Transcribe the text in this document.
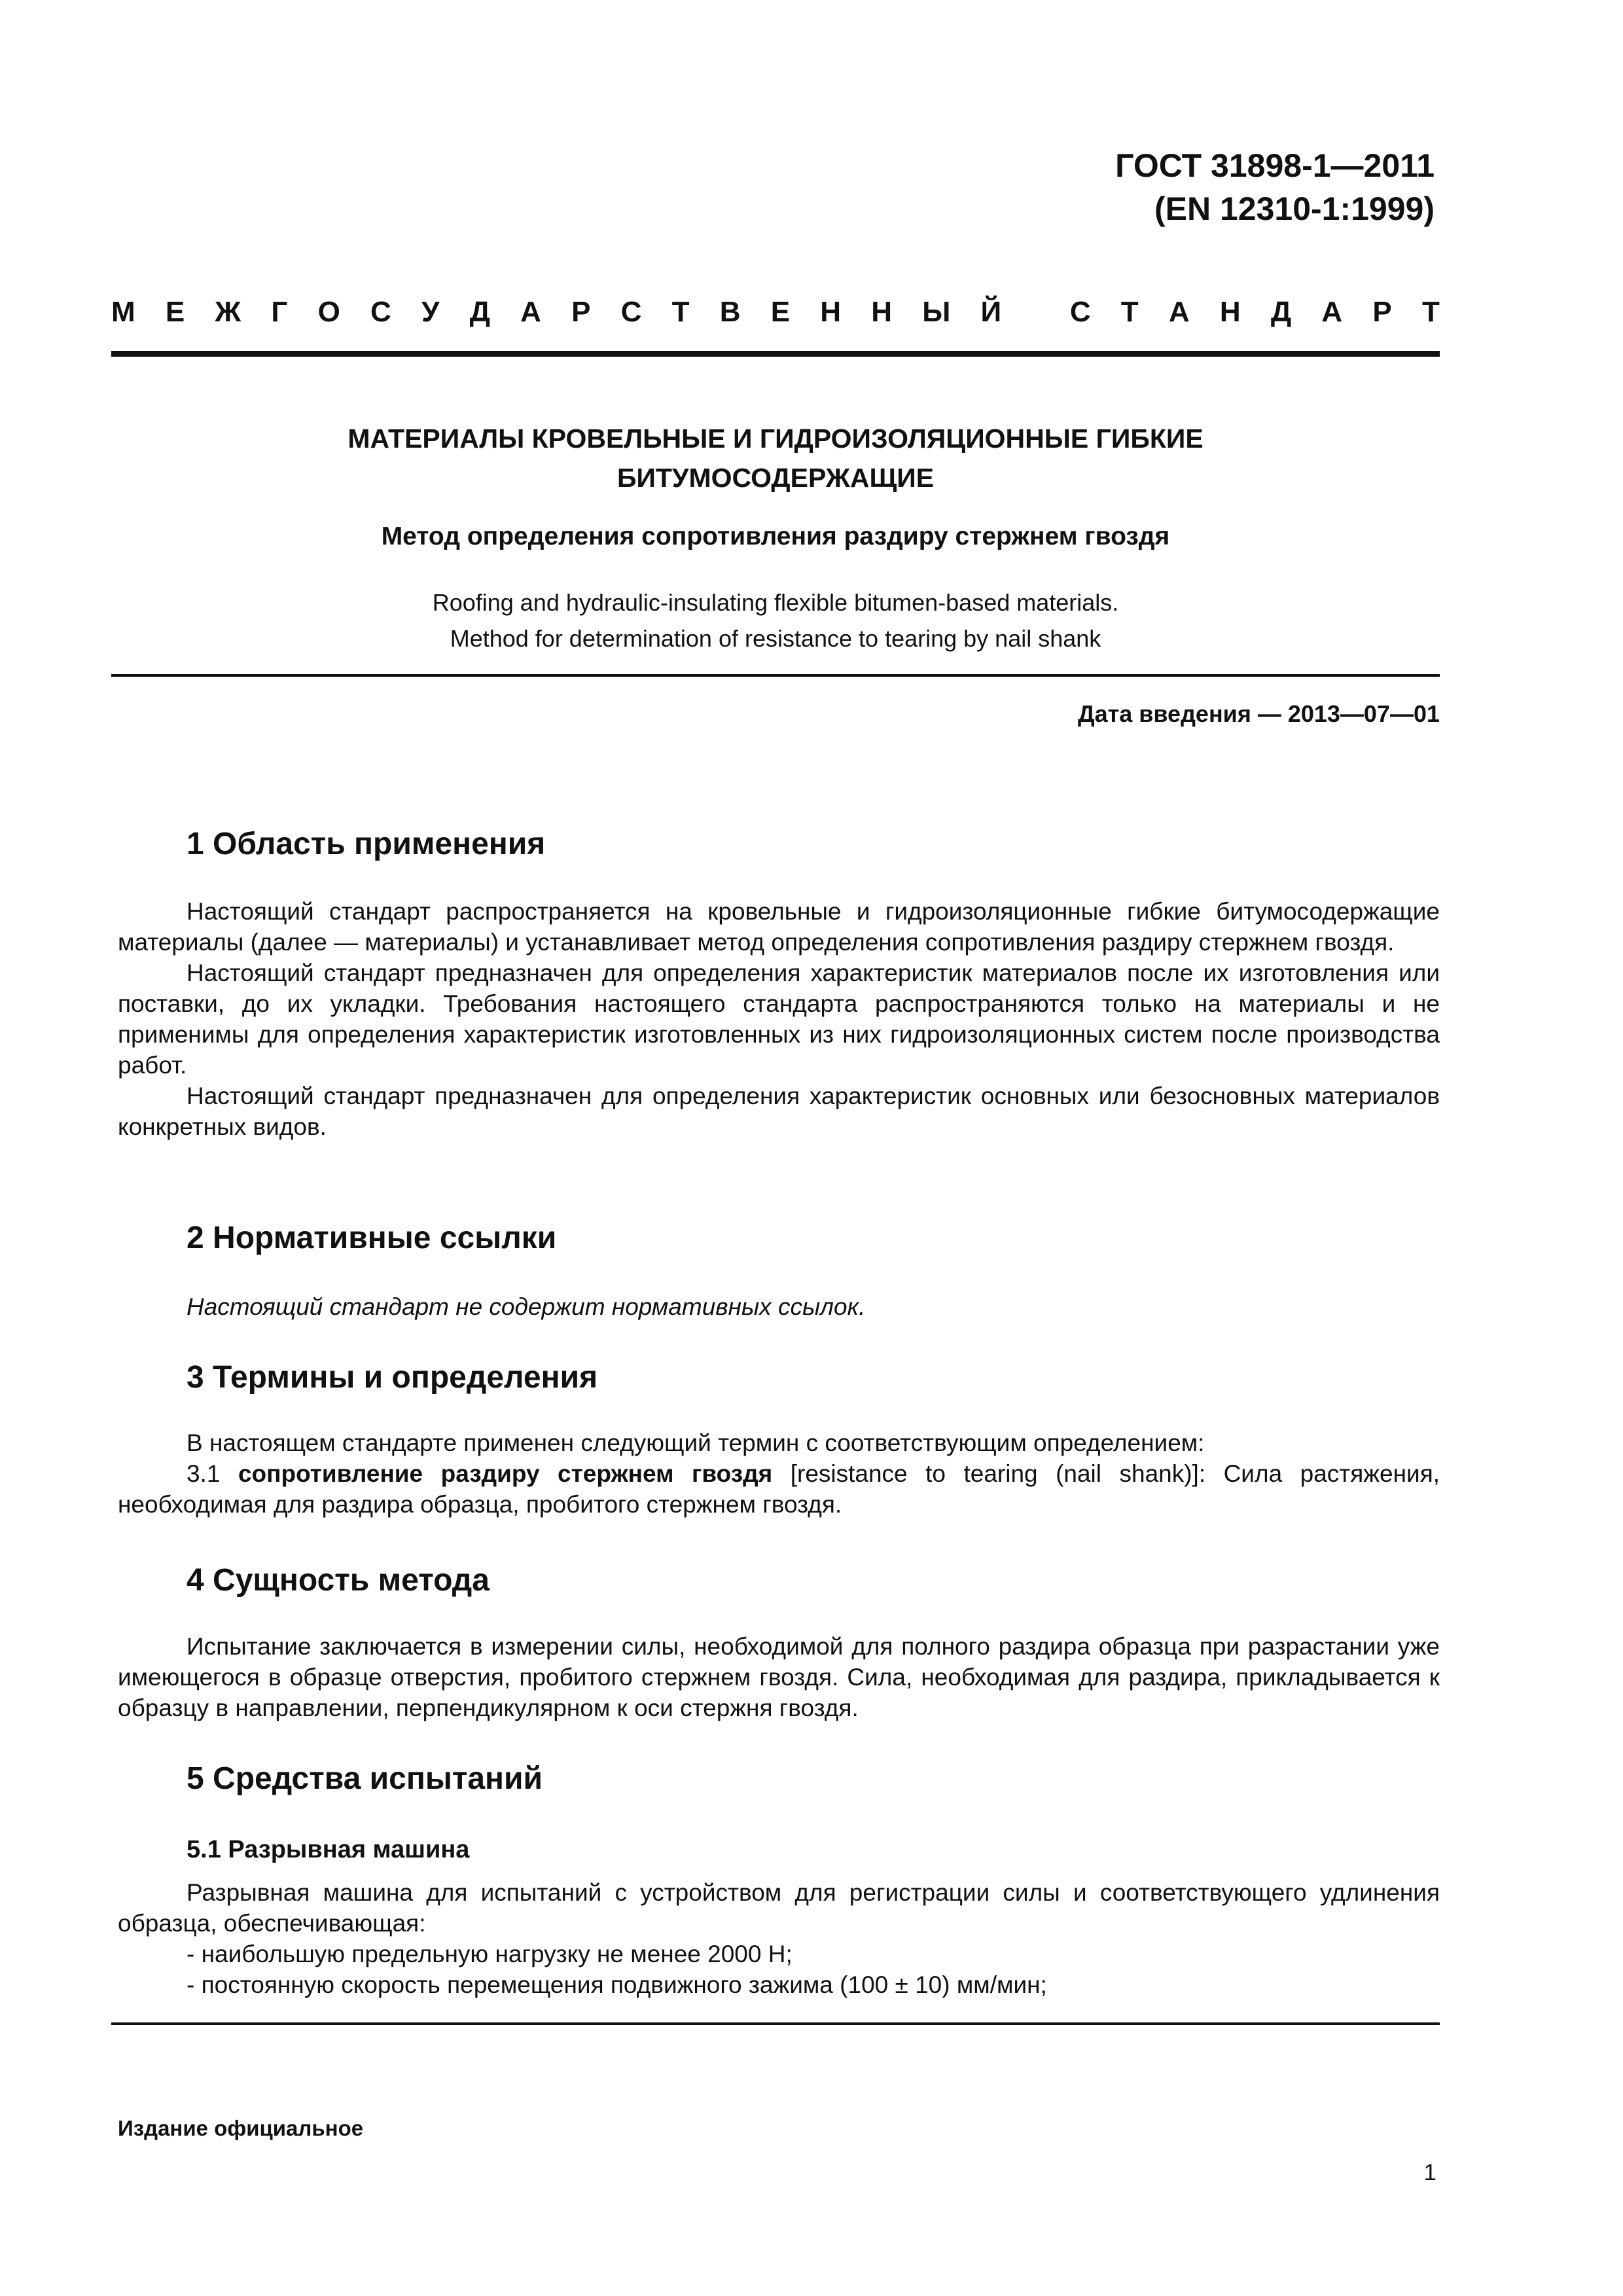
ГОСТ 31898-1—2011
(EN 12310-1:1999)
М Е Ж Г О С У Д А Р С Т В Е Н Н Ы Й
С Т А Н Д А Р Т
МАТЕРИАЛЫ КРОВЕЛЬНЫЕ И ГИДРОИЗОЛЯЦИОННЫЕ ГИБКИЕ
БИТУМОСОДЕРЖАЩИЕ
Метод определения сопротивления раздиру стержнем гвоздя
Roofing and hydraulic-insulating flexible bitumen-based materials.
Method for determination of resistance to tearing by nail shank
Дата введения — 2013—07—01
1 Область применения

Настоящий стандарт распространяется на кровельные и гидроизоляционные гибкие битумосодержащие материалы (далее — материалы) и устанавливает метод определения сопротивления раздиру стержнем гвоздя.

Настоящий стандарт предназначен для определения характеристик материалов после их изготовления или поставки, до их укладки. Требования настоящего стандарта распространяются только на материалы и не применимы для определения характеристик изготовленных из них гидроизоляционных систем после производства работ.

Настоящий стандарт предназначен для определения характеристик основных или безосновных материалов конкретных видов.

2 Нормативные ссылки

Настоящий стандарт не содержит нормативных ссылок.

3 Термины и определения

В настоящем стандарте применен следующий термин с соответствующим определением:

3.1 сопротивление раздиру стержнем гвоздя [resistance to tearing (nail shank)]: Сила растяжения, необходимая для раздира образца, пробитого стержнем гвоздя.

4 Сущность метода

Испытание заключается в измерении силы, необходимой для полного раздира образца при разрастании уже имеющегося в образце отверстия, пробитого стержнем гвоздя. Сила, необходимая для раздира, прикладывается к образцу в направлении, перпендикулярном к оси стержня гвоздя.

5 Средства испытаний
5.1 Разрывная машина

Разрывная машина для испытаний с устройством для регистрации силы и соответствующего удлинения образца, обеспечивающая:

- наибольшую предельную нагрузку не менее 2000 Н;

- постоянную скорость перемещения подвижного зажима (100 ± 10) мм/мин;

Издание официальное
1
